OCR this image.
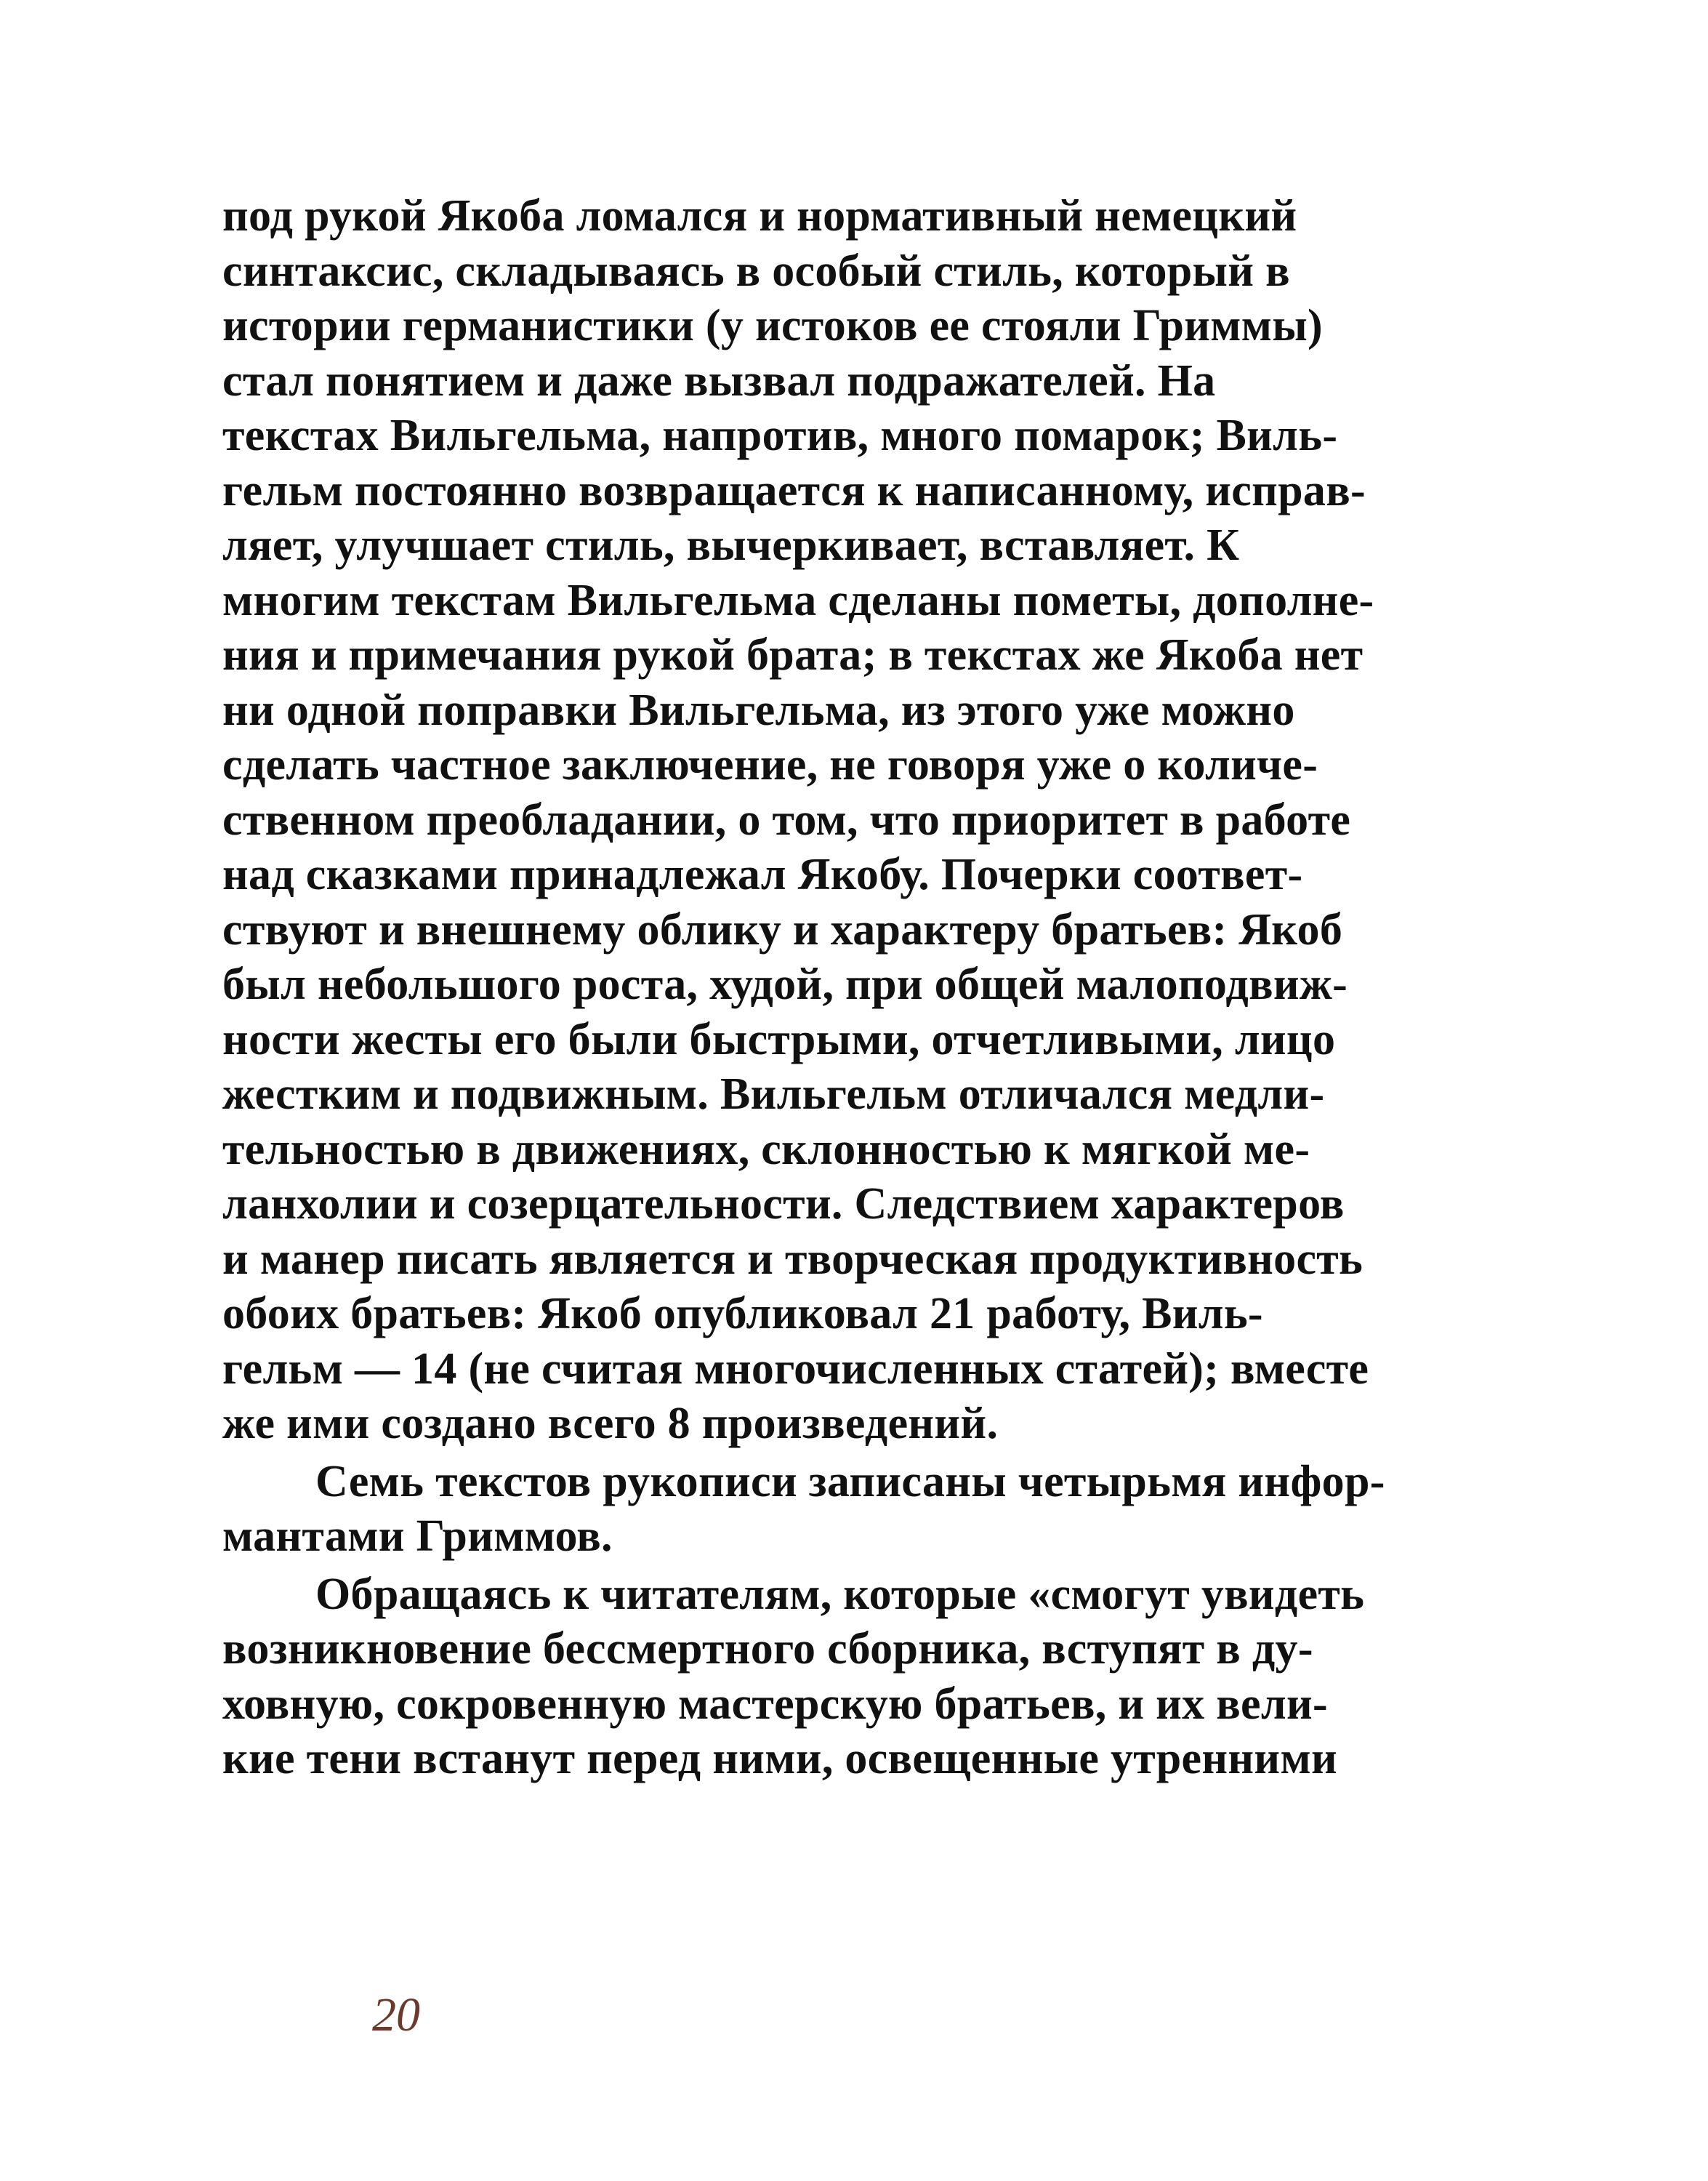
под рукой Якоба ломался и нормативный немецкий
синтаксис, складываясь в особый стиль, который в
истории германистики (у истоков ее стояли Гриммы)
стал понятием и даже вызвал подражателей. На
текстах Вильгельма, напротив, много помарок; Виль-
гельм постоянно возвращается к написанному, исправ-
ляет, улучшает стиль, вычеркивает, вставляет. К
многим текстам Вильгельма сделаны пометы, дополне-
ния и примечания рукой брата; в текстах же Якоба нет
ни одной поправки Вильгельма, из этого уже можно
сделать частное заключение, не говоря уже о количе-
ственном преобладании, о том, что приоритет в работе
над сказками принадлежал Якобу. Почерки соответ-
ствуют и внешнему облику и характеру братьев: Якоб
был небольшого роста, худой, при общей малоподвиж-
ности жесты его были быстрыми, отчетливыми, лицо
жестким и подвижным. Вильгельм отличался медли-
тельностью в движениях, склонностью к мягкой ме-
ланхолии и созерцательности. Следствием характеров
и манер писать является и творческая продуктивность
обоих братьев: Якоб опубликовал 21 работу, Виль-
гельм — 14 (не считая многочисленных статей); вместе
же ими создано всего 8 произведений.
Семь текстов рукописи записаны четырьмя инфор-
мантами Гриммов.
Обращаясь к читателям, которые «смогут увидеть
возникновение бессмертного сборника, вступят в ду-
ховную, сокровенную мастерскую братьев, и их вели-
кие тени встанут перед ними, освещенные утренними
20
